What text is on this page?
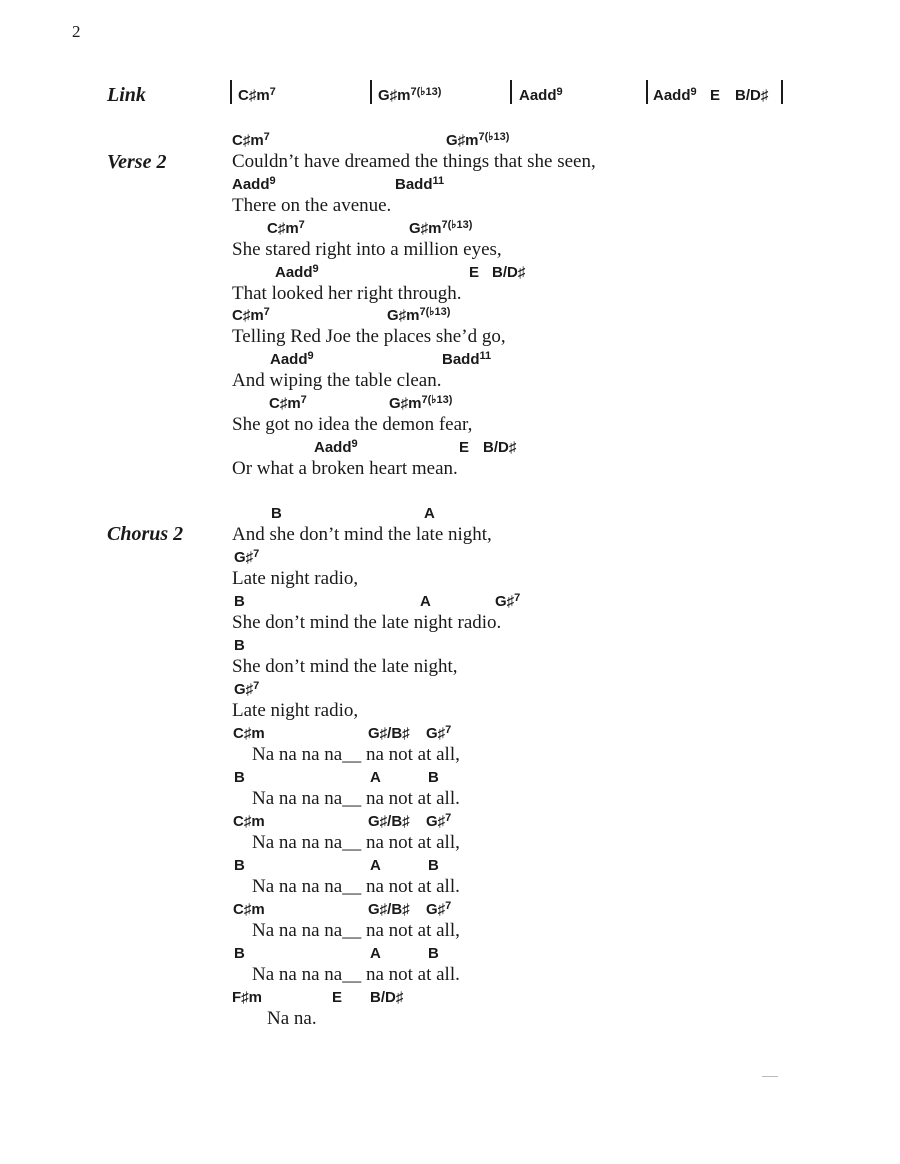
2
Link	$C♯m^7$	$G♯m^{7(♭13)}$	Aadd$^9$	Aadd$^9$ E B/D♯
Verse 2
$C♯m^7$	$G♯m^{7(♭13)}$
Couldn’t have dreamed the things that she seen,
Aadd$^9$	Badd$^{11}$
There on the avenue.
$C♯m^7$	$G♯m^{7(♭13)}$
She stared right into a million eyes,
Aadd$^9$	E B/D♯
That looked her right through.
$C♯m^7$	$G♯m^{7(♭13)}$
Telling Red Joe the places she’d go,
Aadd$^9$	Badd$^{11}$
And wiping the table clean.
$C♯m^7$	$G♯m^{7(♭13)}$
She got no idea the demon fear,
Aadd$^9$	E B/D♯
Or what a broken heart mean.
Chorus 2
B	A
And she don’t mind the late night,
G♯$^7$
Late night radio,
B	A	G♯$^7$
She don’t mind the late night radio.
B
She don’t mind the late night,
G♯$^7$
Late night radio,
C♯m	G♯/B♯ G♯$^7$
Na na na na__ na not at all,
B	A	B
Na na na na__ na not at all.
C♯m	G♯/B♯ G♯$^7$
Na na na na__ na not at all,
B	A	B
Na na na na__ na not at all.
C♯m	G♯/B♯ G♯$^7$
Na na na na__ na not at all,
B	A	B
Na na na na__ na not at all.
F♯m	E B/D♯
Na na.
